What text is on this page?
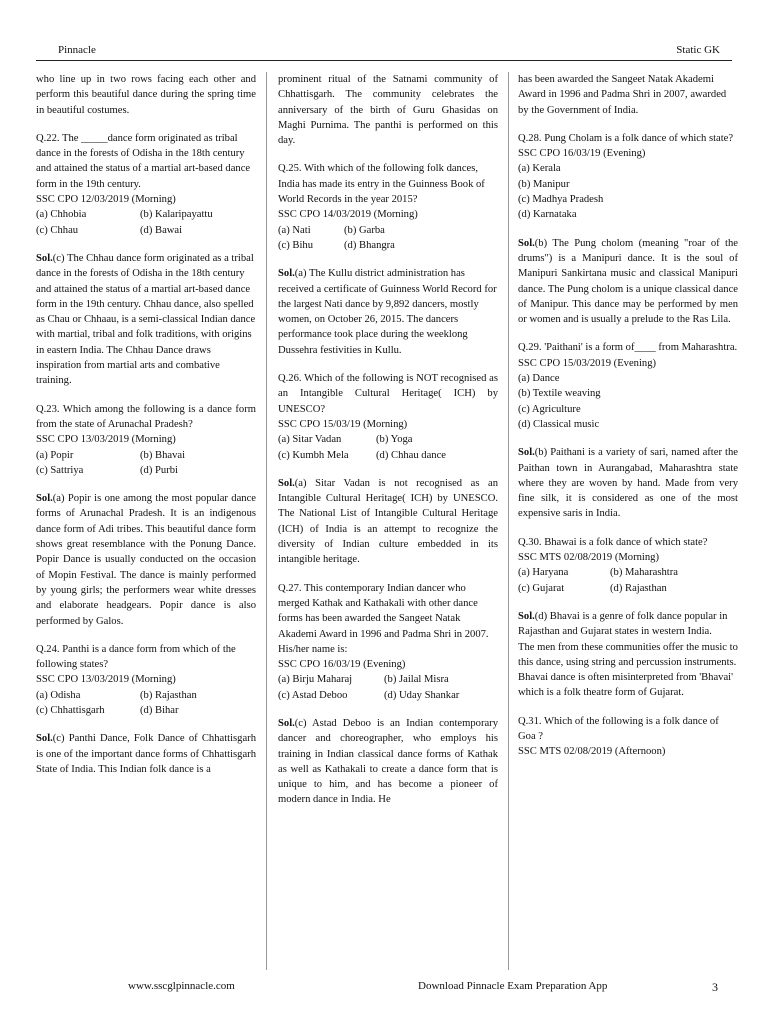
Pinnacle	Static GK

who line up in two rows facing each other and perform this beautiful dance during the spring time in beautiful costumes.

Q.22. The _____dance form originated as tribal dance in the forests of Odisha in the 18th century and attained the status of a martial art-based dance form in the 19th century.
SSC CPO 12/03/2019 (Morning)
(a) Chhobia	(b) Kalaripayattu
(c) Chhau	(d) Bawai

Sol.(c) The Chhau dance form originated as a tribal dance in the forests of Odisha in the 18th century and attained the status of a martial art-based dance form in the 19th century. Chhau dance, also spelled as Chau or Chhaau, is a semi-classical Indian dance with martial, tribal and folk traditions, with origins in eastern India. The Chhau Dance draws inspiration from martial arts and combative training.

Q.23. Which among the following is a dance form from the state of Arunachal Pradesh?
SSC CPO 13/03/2019 (Morning)
(a) Popir	(b) Bhavai
(c) Sattriya	(d) Purbi

Sol.(a) Popir is one among the most popular dance forms of Arunachal Pradesh. It is an indigenous dance form of Adi tribes. This beautiful dance form shows great resemblance with the Ponung Dance. Popir Dance is usually conducted on the occasion of Mopin Festival. The dance is mainly performed by young girls; the performers wear white dresses and elaborate headgears. Popir dance is also performed by Galos.

Q.24. Panthi is a dance form from which of the following states?
SSC CPO 13/03/2019 (Morning)
(a) Odisha	(b) Rajasthan
(c) Chhattisgarh	(d) Bihar

Sol.(c) Panthi Dance, Folk Dance of Chhattisgarh is one of the important dance forms of Chhattisgarh State of India. This Indian folk dance is a

prominent ritual of the Satnami community of Chhattisgarh. The community celebrates the anniversary of the birth of Guru Ghasidas on Maghi Purnima. The panthi is performed on this day.

Q.25. With which of the following folk dances, India has made its entry in the Guinness Book of World Records in the year 2015?
SSC CPO 14/03/2019 (Morning)
(a) Nati	(b) Garba
(c) Bihu	(d) Bhangra

Sol.(a) The Kullu district administration has received a certificate of Guinness World Record for the largest Nati dance by 9,892 dancers, mostly women, on October 26, 2015. The dancers performance took place during the weeklong Dussehra festivities in Kullu.

Q.26. Which of the following is NOT recognised as an Intangible Cultural Heritage( ICH) by UNESCO?
SSC CPO 15/03/19 (Morning)
(a) Sitar Vadan	(b) Yoga
(c) Kumbh Mela	(d) Chhau dance

Sol.(a) Sitar Vadan is not recognised as an Intangible Cultural Heritage( ICH) by UNESCO. The National List of Intangible Cultural Heritage (ICH) of India is an attempt to recognize the diversity of Indian culture embedded in its intangible heritage.

Q.27. This contemporary Indian dancer who merged Kathak and Kathakali with other dance forms has been awarded the Sangeet Natak Akademi Award in 1996 and Padma Shri in 2007. His/her name is:
SSC CPO 16/03/19 (Evening)
(a) Birju Maharaj	(b) Jailal Misra
(c) Astad Deboo	(d) Uday Shankar

Sol.(c) Astad Deboo is an Indian contemporary dancer and choreographer, who employs his training in Indian classical dance forms of Kathak as well as Kathakali to create a dance form that is unique to him, and has become a pioneer of modern dance in India. He

has been awarded the Sangeet Natak Akademi Award in 1996 and Padma Shri in 2007, awarded by the Government of India.

Q.28. Pung Cholam is a folk dance of which state?
SSC CPO 16/03/19 (Evening)
(a) Kerala
(b) Manipur
(c) Madhya Pradesh
(d) Karnataka

Sol.(b) The Pung cholom (meaning "roar of the drums") is a Manipuri dance. It is the soul of Manipuri Sankirtana music and classical Manipuri dance. The Pung cholom is a unique classical dance of Manipur. This dance may be performed by men or women and is usually a prelude to the Ras Lila.

Q.29. 'Paithani' is a form of____ from Maharashtra.
SSC CPO 15/03/2019 (Evening)
(a) Dance
(b) Textile weaving
(c) Agriculture
(d) Classical music

Sol.(b) Paithani is a variety of sari, named after the Paithan town in Aurangabad, Maharashtra state where they are woven by hand. Made from very fine silk, it is considered as one of the most expensive saris in India.

Q.30. Bhawai is a folk dance of which state?
SSC MTS 02/08/2019 (Morning)
(a) Haryana	(b) Maharashtra
(c) Gujarat	(d) Rajasthan
Sol.(d) Bhavai is a genre of folk dance popular in Rajasthan and Gujarat states in western India.

The men from these communities offer the music to this dance, using string and percussion instruments. Bhavai dance is often misinterpreted from 'Bhavai' which is a folk theatre form of Gujarat.

Q.31. Which of the following is a folk dance of Goa ?
SSC MTS 02/08/2019 (Afternoon)
www.sscglpinnacle.com	Download Pinnacle Exam Preparation App	3
